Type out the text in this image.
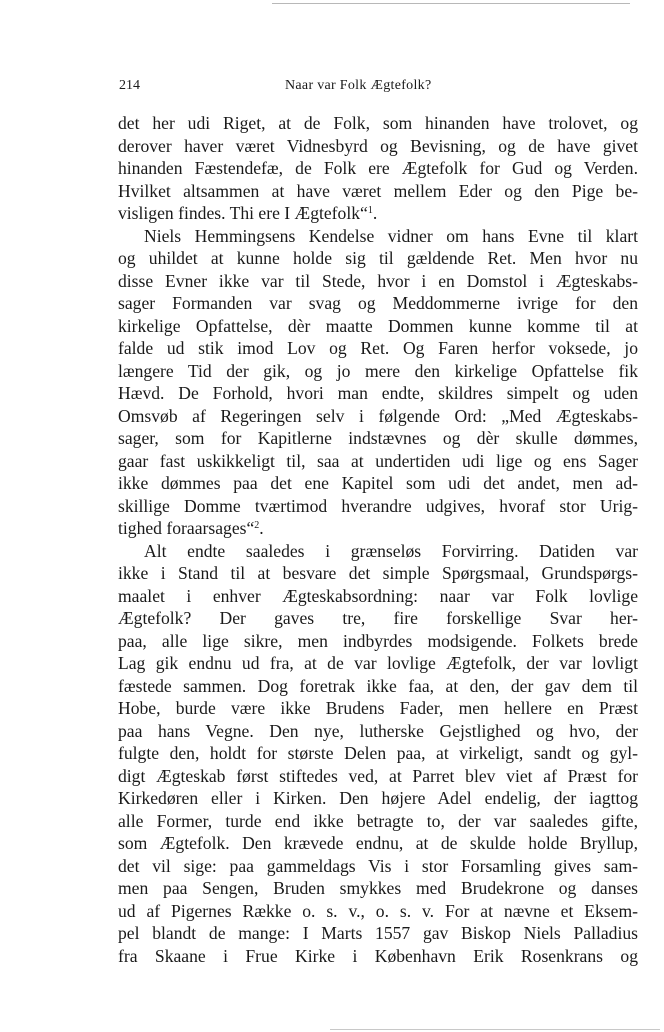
214	Naar var Folk Ægtefolk?
det her udi Riget, at de Folk, som hinanden have trolovet, og
derover haver været Vidnesbyrd og Bevisning, og de have givet
hinanden Fæstendefæ, de Folk ere Ægtefolk for Gud og Verden.
Hvilket altsammen at have været mellem Eder og den Pige be-
visligen findes. Thi ere I Ægtefolk“$^1$.
Niels Hemmingsens Kendelse vidner om hans Evne til klart
og uhildet at kunne holde sig til gældende Ret. Men hvor nu
disse Evner ikke var til Stede, hvor i en Domstol i Ægteskabs-
sager Formanden var svag og Meddommerne ivrige for den
kirkelige Opfattelse, dèr maatte Dommen kunne komme til at
falde ud stik imod Lov og Ret. Og Faren herfor voksede, jo
længere Tid der gik, og jo mere den kirkelige Opfattelse fik
Hævd. De Forhold, hvori man endte, skildres simpelt og uden
Omsvøb af Regeringen selv i følgende Ord: „Med Ægteskabs-
sager, som for Kapitlerne indstævnes og dèr skulle dømmes,
gaar fast uskikkeligt til, saa at undertiden udi lige og ens Sager
ikke dømmes paa det ene Kapitel som udi det andet, men ad-
skillige Domme tværtimod hverandre udgives, hvoraf stor Urig-
tighed foraarsages“$^2$.
Alt endte saaledes i grænseløs Forvirring. Datiden var
ikke i Stand til at besvare det simple Spørgsmaal, Grundspørgs-
maalet i enhver Ægteskabsordning: naar var Folk lovlige
Ægtefolk? Der gaves tre, fire forskellige Svar her-
paa, alle lige sikre, men indbyrdes modsigende. Folkets brede
Lag gik endnu ud fra, at de var lovlige Ægtefolk, der var lovligt
fæstede sammen. Dog foretrak ikke faa, at den, der gav dem til
Hobe, burde være ikke Brudens Fader, men hellere en Præst
paa hans Vegne. Den nye, lutherske Gejstlighed og hvo, der
fulgte den, holdt for største Delen paa, at virkeligt, sandt og gyl-
digt Ægteskab først stiftedes ved, at Parret blev viet af Præst for
Kirkedøren eller i Kirken. Den højere Adel endelig, der iagttog
alle Former, turde end ikke betragte to, der var saaledes gifte,
som Ægtefolk. Den krævede endnu, at de skulde holde Bryllup,
det vil sige: paa gammeldags Vis i stor Forsamling gives sam-
men paa Sengen, Bruden smykkes med Brudekrone og danses
ud af Pigernes Række o. s. v., o. s. v. For at nævne et Eksem-
pel blandt de mange: I Marts 1557 gav Biskop Niels Palladius
fra Skaane i Frue Kirke i København Erik Rosenkrans og
